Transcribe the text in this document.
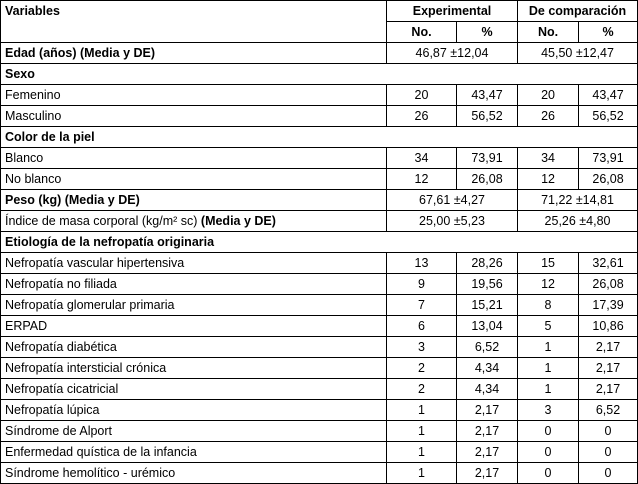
Variables	Experimental		De comparación	
	No.	%	No.	%
Edad (años) (Media y DE)	46,87 ±12,04		45,50 ±12,47	
Sexo				
Femenino	20	43,47	20	43,47
Masculino	26	56,52	26	56,52
Color de la piel				
Blanco	34	73,91	34	73,91
No blanco	12	26,08	12	26,08
Peso (kg) (Media y DE)	67,61 ±4,27		71,22 ±14,81	
Índice de masa corporal (kg/m² sc) (Media y DE)	25,00 ±5,23		25,26 ±4,80	
Etiología de la nefropatía originaria				
Nefropatía vascular hipertensiva	13	28,26	15	32,61
Nefropatía no filiada	9	19,56	12	26,08
Nefropatía glomerular primaria	7	15,21	8	17,39
ERPAD	6	13,04	5	10,86
Nefropatía diabética	3	6,52	1	2,17
Nefropatía intersticial crónica	2	4,34	1	2,17
Nefropatía cicatricial	2	4,34	1	2,17
Nefropatía lúpica	1	2,17	3	6,52
Síndrome de Alport	1	2,17	0	0
Enfermedad quística de la infancia	1	2,17	0	0
Síndrome hemolítico - urémico	1	2,17	0	0
